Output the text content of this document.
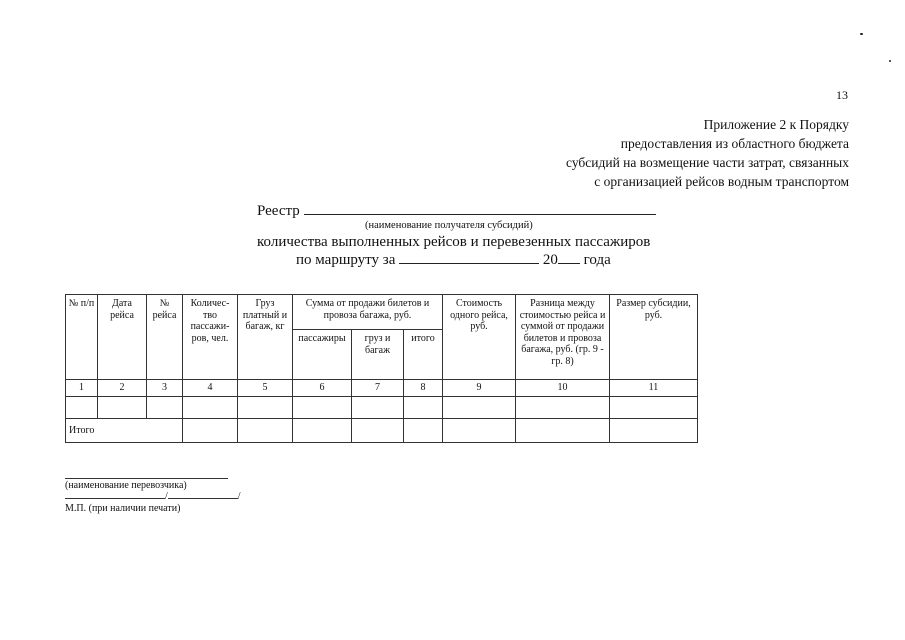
13
Приложение 2 к Порядку
предоставления из областного бюджета
субсидий на возмещение части затрат, связанных
с организацией рейсов водным транспортом
Реестр
(наименование получателя субсидий)
количества выполненных рейсов и перевезенных пассажиров
по маршруту за	20 года
№ п/п	Дата рейса	№ рейса	Количес-тво пассажи-ров, чел.	Груз платный и багаж, кг	Сумма от продажи билетов и провоза багажа, руб.			Стоимость одного рейса, руб.	Разница между стоимостью рейса и суммой от продажи билетов и провоза багажа, руб. (гр. 9 - гр. 8)	Размер субсидии, руб.
					пассажиры	груз и багаж	итого			
1	2	3	4	5	6	7	8	9	10	11

Итого										
(наименование перевозчика)
/	/
М.П. (при наличии печати)
